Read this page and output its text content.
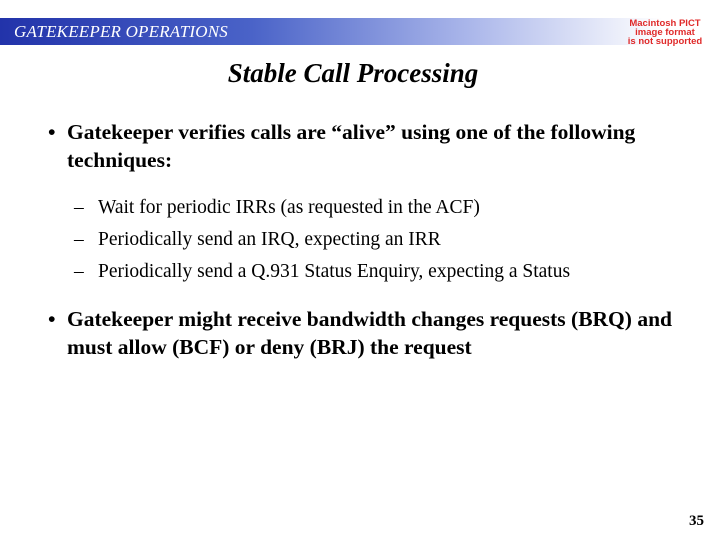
GATEKEEPER OPERATIONS	Macintosh PICT
image format
is not supported
Stable Call Processing
• Gatekeeper verifies calls are “alive” using one of the following techniques:
– Wait for periodic IRRs (as requested in the ACF)
– Periodically send an IRQ, expecting an IRR
– Periodically send a Q.931 Status Enquiry, expecting a Status
• Gatekeeper might receive bandwidth changes requests (BRQ) and must allow (BCF) or deny (BRJ) the request
35
